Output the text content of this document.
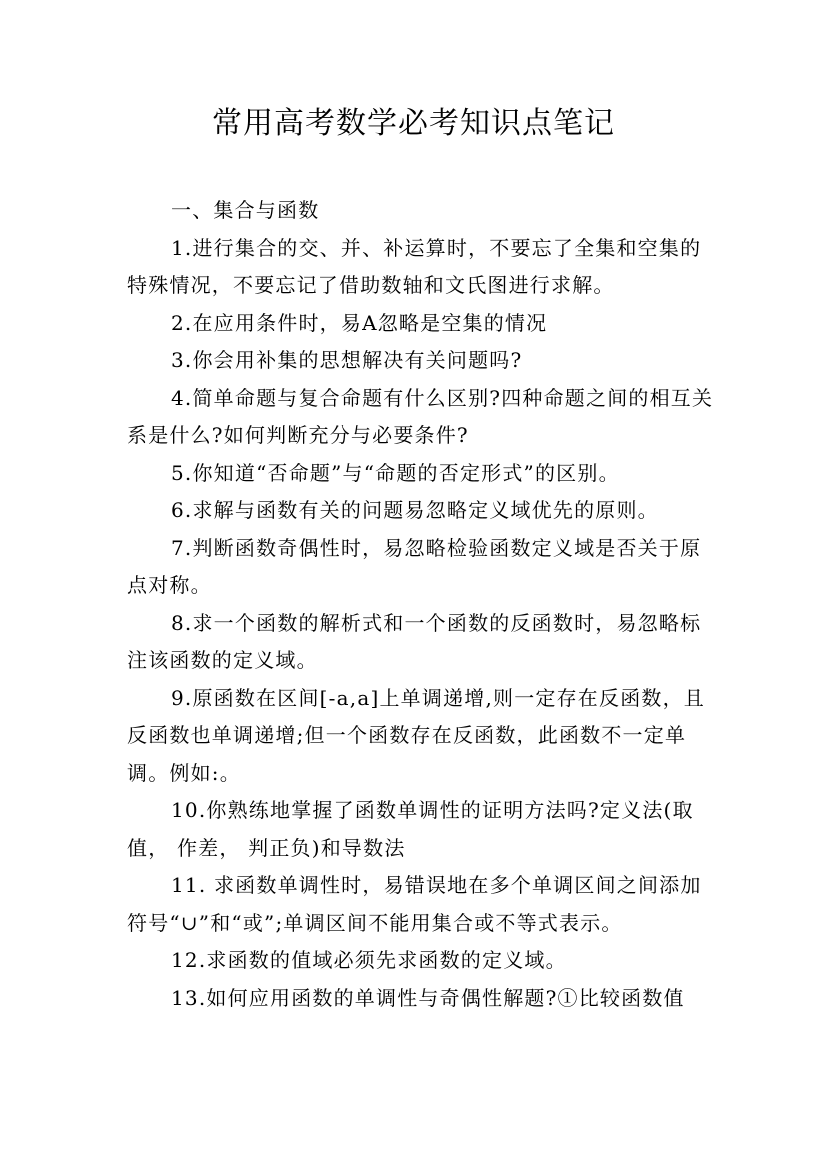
常用高考数学必考知识点笔记

一、集合与函数

1.进行集合的交、并、补运算时，不要忘了全集和空集的特殊情况，不要忘记了借助数轴和文氏图进行求解。

2.在应用条件时，易A忽略是空集的情况

3.你会用补集的思想解决有关问题吗?

4.简单命题与复合命题有什么区别?四种命题之间的相互关系是什么?如何判断充分与必要条件?

5.你知道“否命题”与“命题的否定形式”的区别。

6.求解与函数有关的问题易忽略定义域优先的原则。

7.判断函数奇偶性时，易忽略检验函数定义域是否关于原点对称。

8.求一个函数的解析式和一个函数的反函数时，易忽略标注该函数的定义域。

9.原函数在区间[-a,a]上单调递增,则一定存在反函数，且反函数也单调递增;但一个函数存在反函数，此函数不一定单调。例如:。

10.你熟练地掌握了函数单调性的证明方法吗?定义法(取值， 作差， 判正负)和导数法

11. 求函数单调性时，易错误地在多个单调区间之间添加符号“∪”和“或”;单调区间不能用集合或不等式表示。

12.求函数的值域必须先求函数的定义域。

13.如何应用函数的单调性与奇偶性解题?①比较函数值
